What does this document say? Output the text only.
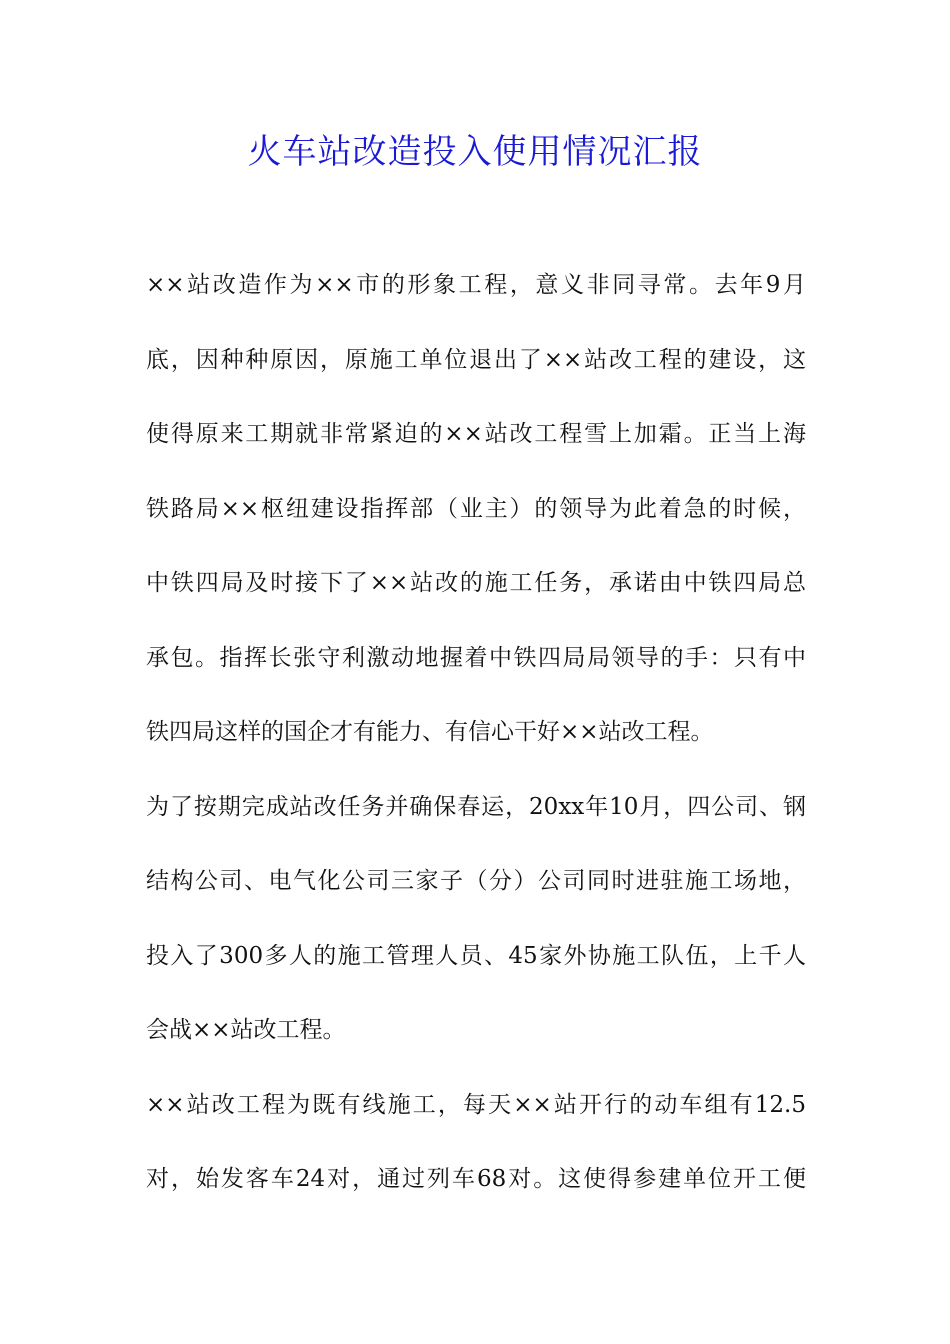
火车站改造投入使用情况汇报
××站改造作为××市的形象工程，意义非同寻常。去年9月
底，因种种原因，原施工单位退出了××站改工程的建设，这
使得原来工期就非常紧迫的××站改工程雪上加霜。正当上海
铁路局××枢纽建设指挥部（业主）的领导为此着急的时候，
中铁四局及时接下了××站改的施工任务，承诺由中铁四局总
承包。指挥长张守利激动地握着中铁四局局领导的手：只有中
铁四局这样的国企才有能力、有信心干好××站改工程。
为了按期完成站改任务并确保春运，20xx年10月，四公司、钢
结构公司、电气化公司三家子（分）公司同时进驻施工场地，
投入了300多人的施工管理人员、45家外协施工队伍，上千人
会战××站改工程。
××站改工程为既有线施工，每天××站开行的动车组有12.5
对，始发客车24对，通过列车68对。这使得参建单位开工便
